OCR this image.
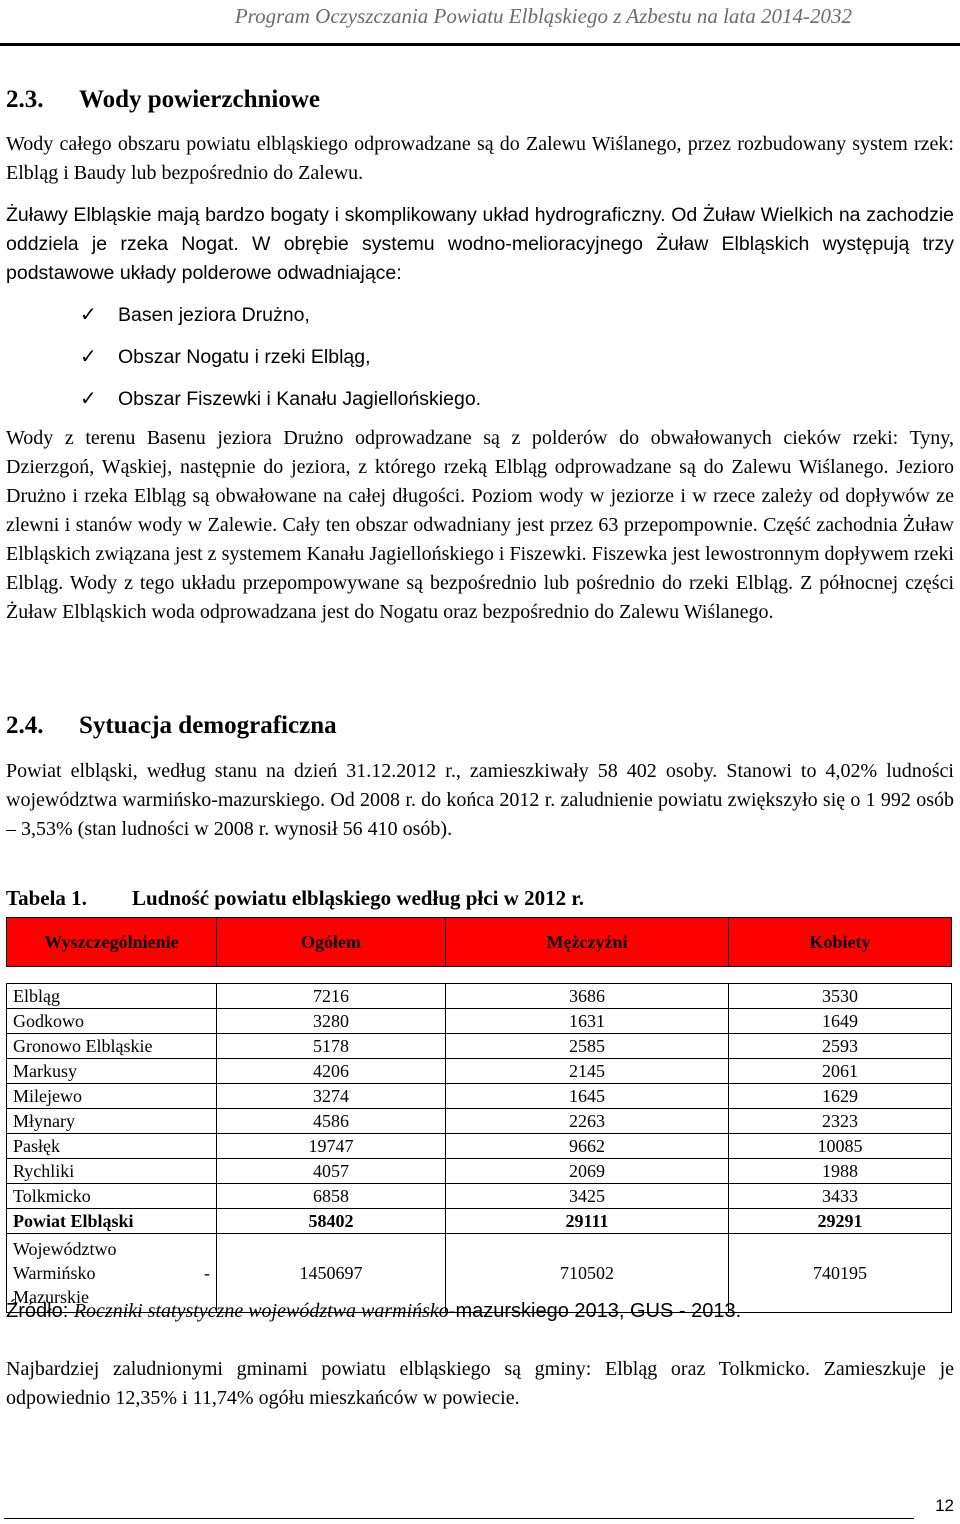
Program Oczyszczania Powiatu Elbląskiego z Azbestu na lata 2014-2032
2.3. Wody powierzchniowe

Wody całego obszaru powiatu elbląskiego odprowadzane są do Zalewu Wiślanego, przez rozbudowany system rzek: Elbląg i Baudy lub bezpośrednio do Zalewu.

Żuławy Elbląskie mają bardzo bogaty i skomplikowany układ hydrograficzny. Od Żuław Wielkich na zachodzie oddziela je rzeka Nogat. W obrębie systemu wodno-melioracyjnego Żuław Elbląskich występują trzy podstawowe układy polderowe odwadniające:

✓ Basen jeziora Drużno,
✓ Obszar Nogatu i rzeki Elbląg,
✓ Obszar Fiszewki i Kanału Jagiellońskiego.

Wody z terenu Basenu jeziora Drużno odprowadzane są z polderów do obwałowanych cieków rzeki: Tyny, Dzierzgoń, Wąskiej, następnie do jeziora, z którego rzeką Elbląg odprowadzane są do Zalewu Wiślanego. Jezioro Drużno i rzeka Elbląg są obwałowane na całej długości. Poziom wody w jeziorze i w rzece zależy od dopływów ze zlewni i stanów wody w Zalewie. Cały ten obszar odwadniany jest przez 63 przepompownie. Część zachodnia Żuław Elbląskich związana jest z systemem Kanału Jagiellońskiego i Fiszewki. Fiszewka jest lewostronnym dopływem rzeki Elbląg. Wody z tego układu przepompowywane są bezpośrednio lub pośrednio do rzeki Elbląg. Z północnej części Żuław Elbląskich woda odprowadzana jest do Nogatu oraz bezpośrednio do Zalewu Wiślanego.

2.4. Sytuacja demograficzna

Powiat elbląski, według stanu na dzień 31.12.2012 r., zamieszkiwały 58 402 osoby. Stanowi to 4,02% ludności województwa warmińsko-mazurskiego. Od 2008 r. do końca 2012 r. zaludnienie powiatu zwiększyło się o 1 992 osób – 3,53% (stan ludności w 2008 r. wynosił 56 410 osób).

Tabela 1. Ludność powiatu elbląskiego według płci w 2012 r.
Wyszczególnienie	Ogółem	Mężczyźni	Kobiety

Elbląg	7216	3686	3530
Godkowo	3280	1631	1649
Gronowo Elbląskie	5178	2585	2593
Markusy	4206	2145	2061
Milejewo	3274	1645	1629
Młynary	4586	2263	2323
Pasłęk	19747	9662	10085
Rychliki	4057	2069	1988
Tolkmicko	6858	3425	3433
Powiat Elbląski	58402	29111	29291

Województwo
Warmińsko -
Mazurskie	1450697	710502	740195
Źródło: Roczniki statystyczne województwa warmińsko-mazurskiego 2013, GUS - 2013.

Najbardziej zaludnionymi gminami powiatu elbląskiego są gminy: Elbląg oraz Tolkmicko. Zamieszkuje je odpowiednio 12,35% i 11,74% ogółu mieszkańców w powiecie.

12
